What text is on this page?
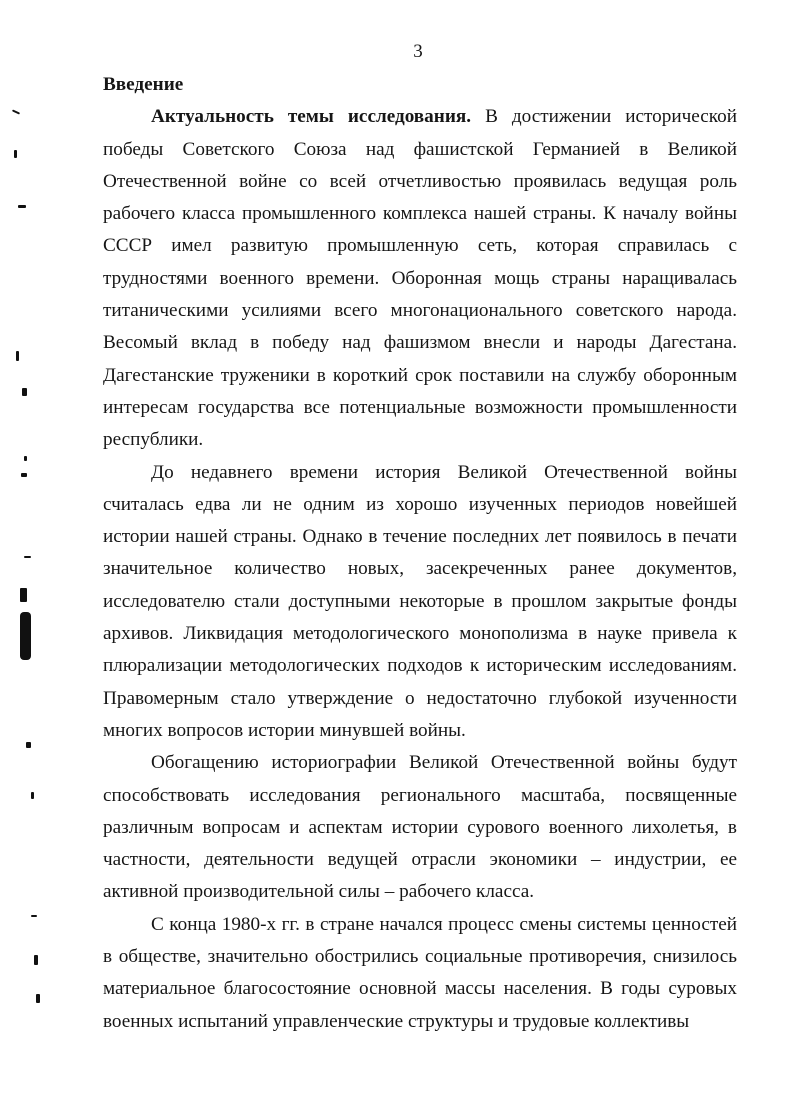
3

Введение

Актуальность темы исследования. В достижении исторической победы Советского Союза над фашистской Германией в Великой Отечественной войне со всей отчетливостью проявилась ведущая роль рабочего класса промышленного комплекса нашей страны. К началу войны СССР имел развитую промышленную сеть, которая справилась с трудностями военного времени. Оборонная мощь страны наращивалась титаническими усилиями всего многонационального советского народа. Весомый вклад в победу над фашизмом внесли и народы Дагестана. Дагестанские труженики в короткий срок поставили на службу оборонным интересам государства все потенциальные возможности промышленности республики.

До недавнего времени история Великой Отечественной войны считалась едва ли не одним из хорошо изученных периодов новейшей истории нашей страны. Однако в течение последних лет появилось в печати значительное количество новых, засекреченных ранее документов, исследователю стали доступными некоторые в прошлом закрытые фонды архивов. Ликвидация методологического монополизма в науке привела к плюрализации методологических подходов к историческим исследованиям. Правомерным стало утверждение о недостаточно глубокой изученности многих вопросов истории минувшей войны.

Обогащению историографии Великой Отечественной войны будут способствовать исследования регионального масштаба, посвященные различным вопросам и аспектам истории сурового военного лихолетья, в частности, деятельности ведущей отрасли экономики – индустрии, ее активной производительной силы – рабочего класса.

С конца 1980-х гг. в стране начался процесс смены системы ценностей в обществе, значительно обострились социальные противоречия, снизилось материальное благосостояние основной массы населения. В годы суровых военных испытаний управленческие структуры и трудовые коллективы
